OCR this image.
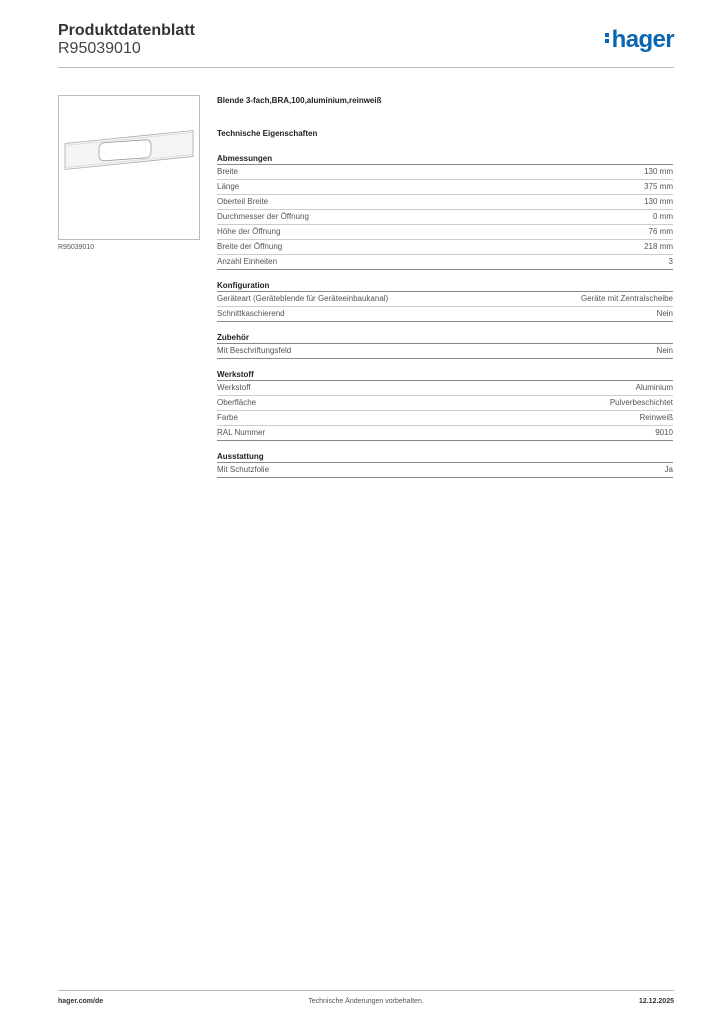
Produktdatenblatt
R95039010	hager
R95039010
Blende 3-fach,BRA,100,aluminium,reinweiß
Technische Eigenschaften
Abmessungen
Breite	130 mm
Länge	375 mm
Oberteil Breite	130 mm
Durchmesser der Öffnung	0 mm
Höhe der Öffnung	76 mm
Breite der Öffnung	218 mm
Anzahl Einheiten	3
Konfiguration
Geräteart (Geräteblende für Geräteeinbaukanal)	Geräte mit Zentralscheibe
Schnittkaschierend	Nein
Zubehör
Mit Beschriftungsfeld	Nein
Werkstoff
Werkstoff	Aluminium
Oberfläche	Pulverbeschichtet
Farbe	Reinweiß
RAL Nummer	9010
Ausstattung
Mit Schutzfolie	Ja
hager.com/de	Technische Änderungen vorbehalten.	12.12.2025
